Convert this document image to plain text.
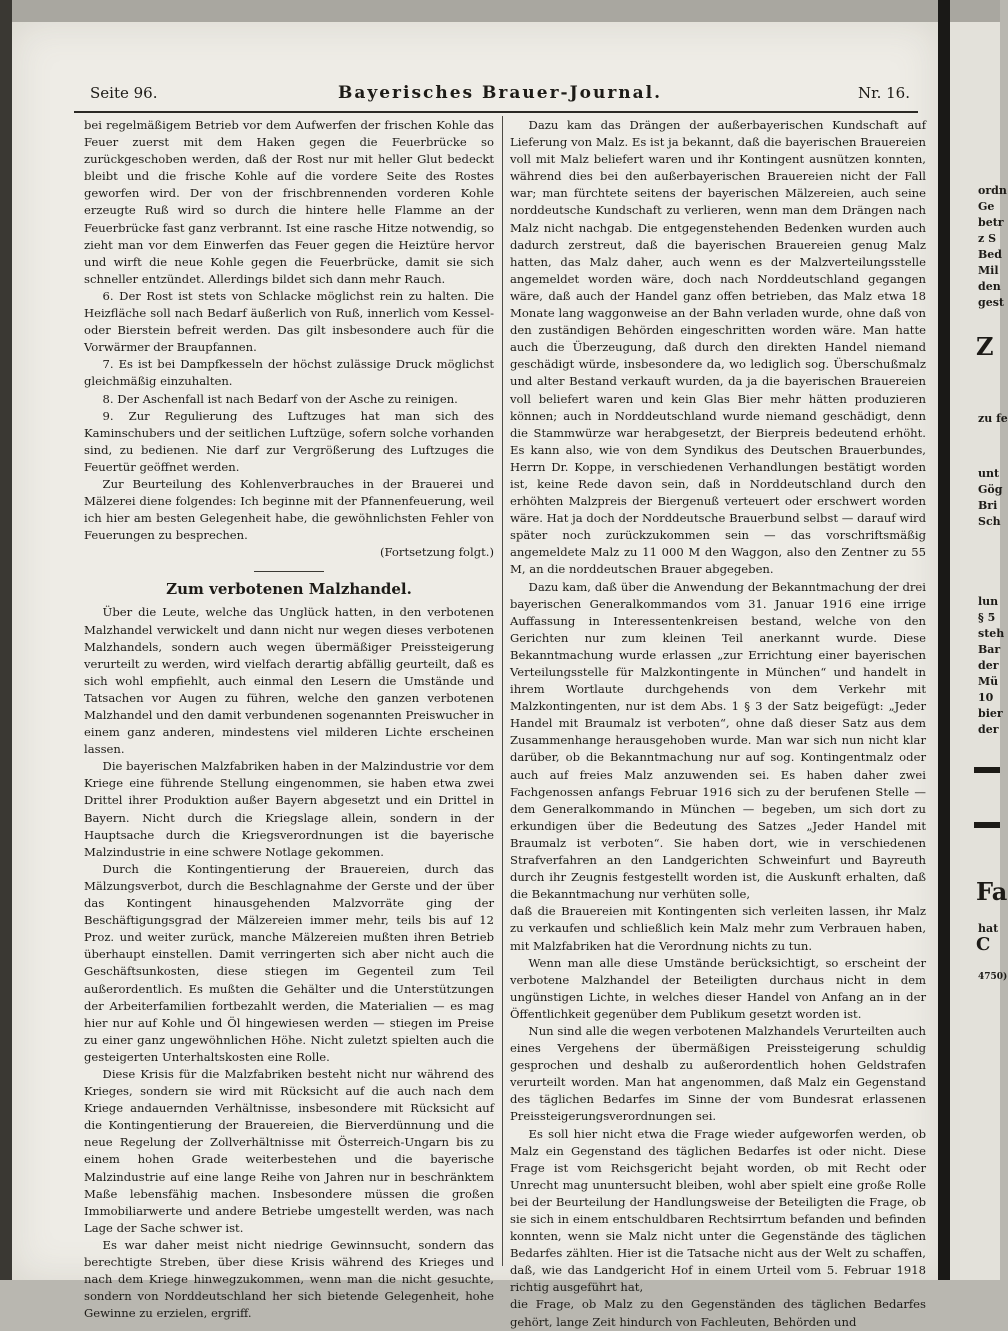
Seite 96.	Bayerisches Brauer-Journal.	Nr. 16.

bei regelmäßigem Betrieb vor dem Aufwerfen der frischen Kohle das Feuer zuerst mit dem Haken gegen die Feuerbrücke so zurückgeschoben werden, daß der Rost nur mit heller Glut bedeckt bleibt und die frische Kohle auf die vordere Seite des Rostes geworfen wird. Der von der frischbrennenden vorderen Kohle erzeugte Ruß wird so durch die hintere helle Flamme an der Feuerbrücke fast ganz verbrannt. Ist eine rasche Hitze notwendig, so zieht man vor dem Einwerfen das Feuer gegen die Heiztüre hervor und wirft die neue Kohle gegen die Feuerbrücke, damit sie sich schneller entzündet. Allerdings bildet sich dann mehr Rauch.

6. Der Rost ist stets von Schlacke möglichst rein zu halten. Die Heizfläche soll nach Bedarf äußerlich von Ruß, innerlich vom Kessel- oder Bierstein befreit werden. Das gilt insbesondere auch für die Vorwärmer der Braupfannen.

7. Es ist bei Dampfkesseln der höchst zulässige Druck möglichst gleichmäßig einzuhalten.

8. Der Aschenfall ist nach Bedarf von der Asche zu reinigen.

9. Zur Regulierung des Luftzuges hat man sich des Kaminschubers und der seitlichen Luftzüge, sofern solche vorhanden sind, zu bedienen. Nie darf zur Vergrößerung des Luftzuges die Feuertür geöffnet werden.

Zur Beurteilung des Kohlenverbrauches in der Brauerei und Mälzerei diene folgendes: Ich beginne mit der Pfannenfeuerung, weil ich hier am besten Gelegenheit habe, die gewöhnlichsten Fehler von Feuerungen zu besprechen.

(Fortsetzung folgt.)
Zum verbotenen Malzhandel.

Über die Leute, welche das Unglück hatten, in den verbotenen Malzhandel verwickelt und dann nicht nur wegen dieses verbotenen Malzhandels, sondern auch wegen übermäßiger Preissteigerung verurteilt zu werden, wird vielfach derartig abfällig geurteilt, daß es sich wohl empfiehlt, auch einmal den Lesern die Umstände und Tatsachen vor Augen zu führen, welche den ganzen verbotenen Malzhandel und den damit verbundenen sogenannten Preiswucher in einem ganz anderen, mindestens viel milderen Lichte erscheinen lassen.

Die bayerischen Malzfabriken haben in der Malzindustrie vor dem Kriege eine führende Stellung eingenommen, sie haben etwa zwei Drittel ihrer Produktion außer Bayern abgesetzt und ein Drittel in Bayern. Nicht durch die Kriegslage allein, sondern in der Hauptsache durch die Kriegsverordnungen ist die bayerische Malzindustrie in eine schwere Notlage gekommen.

Durch die Kontingentierung der Brauereien, durch das Mälzungsverbot, durch die Beschlagnahme der Gerste und der über das Kontingent hinausgehenden Malzvorräte ging der Beschäftigungsgrad der Mälzereien immer mehr, teils bis auf 12 Proz. und weiter zurück, manche Mälzereien mußten ihren Betrieb überhaupt einstellen. Damit verringerten sich aber nicht auch die Geschäftsunkosten, diese stiegen im Gegenteil zum Teil außerordentlich. Es mußten die Gehälter und die Unterstützungen der Arbeiterfamilien fortbezahlt werden, die Materialien — es mag hier nur auf Kohle und Öl hingewiesen werden — stiegen im Preise zu einer ganz ungewöhnlichen Höhe. Nicht zuletzt spielten auch die gesteigerten Unterhaltskosten eine Rolle.

Diese Krisis für die Malzfabriken besteht nicht nur während des Krieges, sondern sie wird mit Rücksicht auf die auch nach dem Kriege andauernden Verhältnisse, insbesondere mit Rücksicht auf die Kontingentierung der Brauereien, die Bierverdünnung und die neue Regelung der Zollverhältnisse mit Österreich-Ungarn bis zu einem hohen Grade weiterbestehen und die bayerische Malzindustrie auf eine lange Reihe von Jahren nur in beschränktem Maße lebensfähig machen. Insbesondere müssen die großen Immobiliarwerte und andere Betriebe umgestellt werden, was nach Lage der Sache schwer ist.

Es war daher meist nicht niedrige Gewinnsucht, sondern das berechtigte Streben, über diese Krisis während des Krieges und nach dem Kriege hinwegzukommen, wenn man die nicht gesuchte, sondern von Norddeutschland her sich bietende Gelegenheit, hohe Gewinne zu erzielen, ergriff.

Dazu kam das Drängen der außerbayerischen Kundschaft auf Lieferung von Malz. Es ist ja bekannt, daß die bayerischen Brauereien voll mit Malz beliefert waren und ihr Kontingent ausnützen konnten, während dies bei den außerbayerischen Brauereien nicht der Fall war; man fürchtete seitens der bayerischen Mälzereien, auch seine norddeutsche Kundschaft zu verlieren, wenn man dem Drängen nach Malz nicht nachgab. Die entgegenstehenden Bedenken wurden auch dadurch zerstreut, daß die bayerischen Brauereien genug Malz hatten, das Malz daher, auch wenn es der Malzverteilungsstelle angemeldet worden wäre, doch nach Norddeutschland gegangen wäre, daß auch der Handel ganz offen betrieben, das Malz etwa 18 Monate lang waggonweise an der Bahn verladen wurde, ohne daß von den zuständigen Behörden eingeschritten worden wäre. Man hatte auch die Überzeugung, daß durch den direkten Handel niemand geschädigt würde, insbesondere da, wo lediglich sog. Überschußmalz und alter Bestand verkauft wurden, da ja die bayerischen Brauereien voll beliefert waren und kein Glas Bier mehr hätten produzieren können; auch in Norddeutschland wurde niemand geschädigt, denn die Stammwürze war herabgesetzt, der Bierpreis bedeutend erhöht. Es kann also, wie von dem Syndikus des Deutschen Brauerbundes, Herrn Dr. Koppe, in verschiedenen Verhandlungen bestätigt worden ist, keine Rede davon sein, daß in Norddeutschland durch den erhöhten Malzpreis der Biergenuß verteuert oder erschwert worden wäre. Hat ja doch der Norddeutsche Brauerbund selbst — darauf wird später noch zurückzukommen sein — das vorschriftsmäßig angemeldete Malz zu 11 000 M den Waggon, also den Zentner zu 55 M, an die norddeutschen Brauer abgegeben.

Dazu kam, daß über die Anwendung der Bekanntmachung der drei bayerischen Generalkommandos vom 31. Januar 1916 eine irrige Auffassung in Interessentenkreisen bestand, welche von den Gerichten nur zum kleinen Teil anerkannt wurde. Diese Bekanntmachung wurde erlassen „zur Errichtung einer bayerischen Verteilungsstelle für Malzkontingente in München“ und handelt in ihrem Wortlaute durchgehends von dem Verkehr mit Malzkontingenten, nur ist dem Abs. 1 § 3 der Satz beigefügt: „Jeder Handel mit Braumalz ist verboten“, ohne daß dieser Satz aus dem Zusammenhange herausgehoben wurde. Man war sich nun nicht klar darüber, ob die Bekanntmachung nur auf sog. Kontingentmalz oder auch auf freies Malz anzuwenden sei. Es haben daher zwei Fachgenossen anfangs Februar 1916 sich zu der berufenen Stelle — dem Generalkommando in München — begeben, um sich dort zu erkundigen über die Bedeutung des Satzes „Jeder Handel mit Braumalz ist verboten“. Sie haben dort, wie in verschiedenen Strafverfahren an den Landgerichten Schweinfurt und Bayreuth durch ihr Zeugnis festgestellt worden ist, die Auskunft erhalten, daß die Bekanntmachung nur verhüten solle,

daß die Brauereien mit Kontingenten sich verleiten lassen, ihr Malz zu verkaufen und schließlich kein Malz mehr zum Verbrauen haben, mit Malzfabriken hat die Verordnung nichts zu tun.

Wenn man alle diese Umstände berücksichtigt, so erscheint der verbotene Malzhandel der Beteiligten durchaus nicht in dem ungünstigen Lichte, in welches dieser Handel von Anfang an in der Öffentlichkeit gegenüber dem Publikum gesetzt worden ist.

Nun sind alle die wegen verbotenen Malzhandels Verurteilten auch eines Vergehens der übermäßigen Preissteigerung schuldig gesprochen und deshalb zu außerordentlich hohen Geldstrafen verurteilt worden. Man hat angenommen, daß Malz ein Gegenstand des täglichen Bedarfes im Sinne der vom Bundesrat erlassenen Preissteigerungsverordnungen sei.

Es soll hier nicht etwa die Frage wieder aufgeworfen werden, ob Malz ein Gegenstand des täglichen Bedarfes ist oder nicht. Diese Frage ist vom Reichsgericht bejaht worden, ob mit Recht oder Unrecht mag ununtersucht bleiben, wohl aber spielt eine große Rolle bei der Beurteilung der Handlungsweise der Beteiligten die Frage, ob sie sich in einem entschuldbaren Rechtsirrtum befanden und befinden konnten, wenn sie Malz nicht unter die Gegenstände des täglichen Bedarfes zählten. Hier ist die Tatsache nicht aus der Welt zu schaffen, daß, wie das Landgericht Hof in einem Urteil vom 5. Februar 1918 richtig ausgeführt hat,

die Frage, ob Malz zu den Gegenständen des täglichen Bedarfes gehört, lange Zeit hindurch von Fachleuten, Behörden und

ordn
Ge
betr
z S
Bed
Mil
den
gest
Z
zu fe
unt
Gög
Bri
Sch
lun
§ 5
steh
Bar
der
Mü
10
bier
der
Fa
hat
C
4750)
